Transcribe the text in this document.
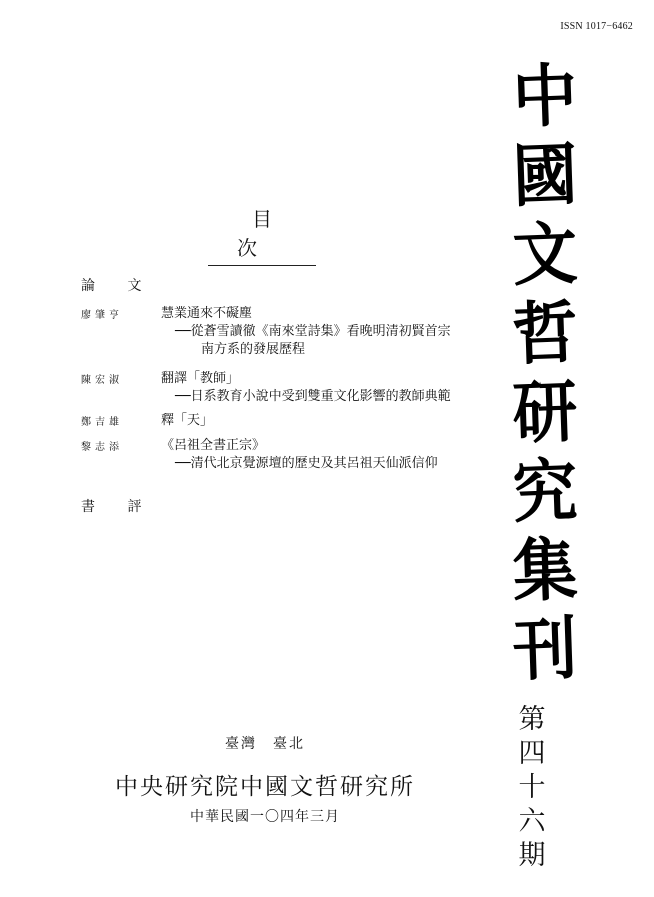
ISSN 1017−6462
目 次
論 文
廖肇亨	慧業通來不礙塵
──從蒼雪讀徹《南來堂詩集》看晚明清初賢首宗
南方系的發展歷程
陳宏淑	翻譯「教師」
──日系教育小說中受到雙重文化影響的教師典範
鄭吉雄	釋「天」
黎志添	《呂祖全書正宗》
──清代北京覺源壇的歷史及其呂祖天仙派信仰
書 評
中
國
文
哲
研
究
集
刊
第
四
十
六
期
臺灣　臺北
中央研究院中國文哲研究所
中華民國一〇四年三月
